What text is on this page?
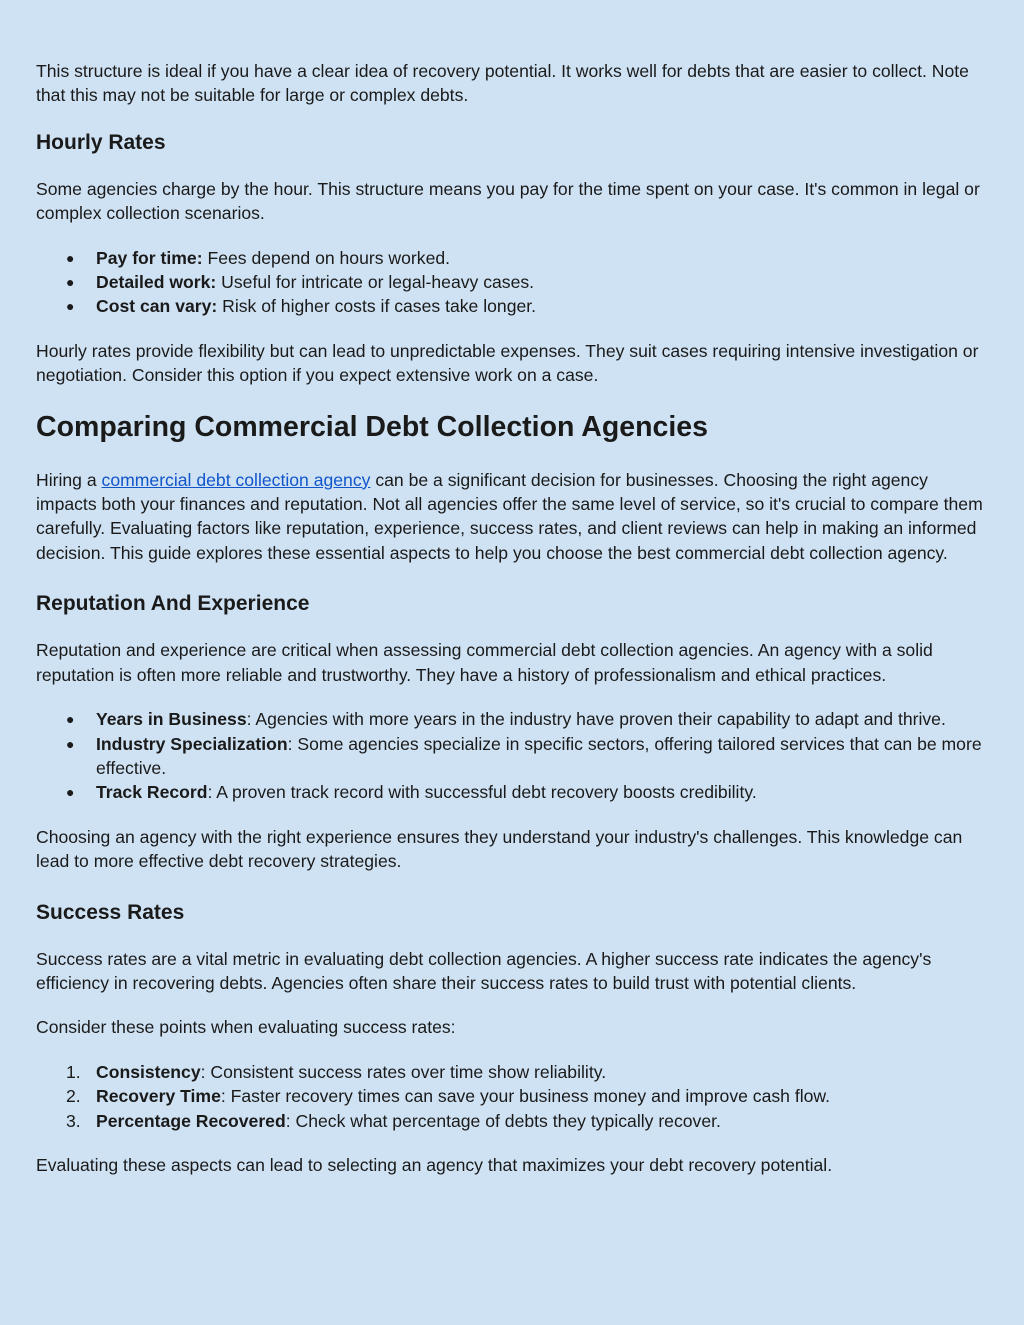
This structure is ideal if you have a clear idea of recovery potential. It works well for debts that are easier to collect. Note that this may not be suitable for large or complex debts.

Hourly Rates

Some agencies charge by the hour. This structure means you pay for the time spent on your case. It's common in legal or complex collection scenarios.

● Pay for time: Fees depend on hours worked.
● Detailed work: Useful for intricate or legal-heavy cases.
● Cost can vary: Risk of higher costs if cases take longer.

Hourly rates provide flexibility but can lead to unpredictable expenses. They suit cases requiring intensive investigation or negotiation. Consider this option if you expect extensive work on a case.

Comparing Commercial Debt Collection Agencies

Hiring a commercial debt collection agency can be a significant decision for businesses. Choosing the right agency impacts both your finances and reputation. Not all agencies offer the same level of service, so it's crucial to compare them carefully. Evaluating factors like reputation, experience, success rates, and client reviews can help in making an informed decision. This guide explores these essential aspects to help you choose the best commercial debt collection agency.

Reputation And Experience

Reputation and experience are critical when assessing commercial debt collection agencies. An agency with a solid reputation is often more reliable and trustworthy. They have a history of professionalism and ethical practices.

● Years in Business: Agencies with more years in the industry have proven their capability to adapt and thrive.
● Industry Specialization: Some agencies specialize in specific sectors, offering tailored services that can be more effective.
● Track Record: A proven track record with successful debt recovery boosts credibility.

Choosing an agency with the right experience ensures they understand your industry's challenges. This knowledge can lead to more effective debt recovery strategies.

Success Rates

Success rates are a vital metric in evaluating debt collection agencies. A higher success rate indicates the agency's efficiency in recovering debts. Agencies often share their success rates to build trust with potential clients.

Consider these points when evaluating success rates:

1. Consistency: Consistent success rates over time show reliability.
2. Recovery Time: Faster recovery times can save your business money and improve cash flow.
3. Percentage Recovered: Check what percentage of debts they typically recover.

Evaluating these aspects can lead to selecting an agency that maximizes your debt recovery potential.
